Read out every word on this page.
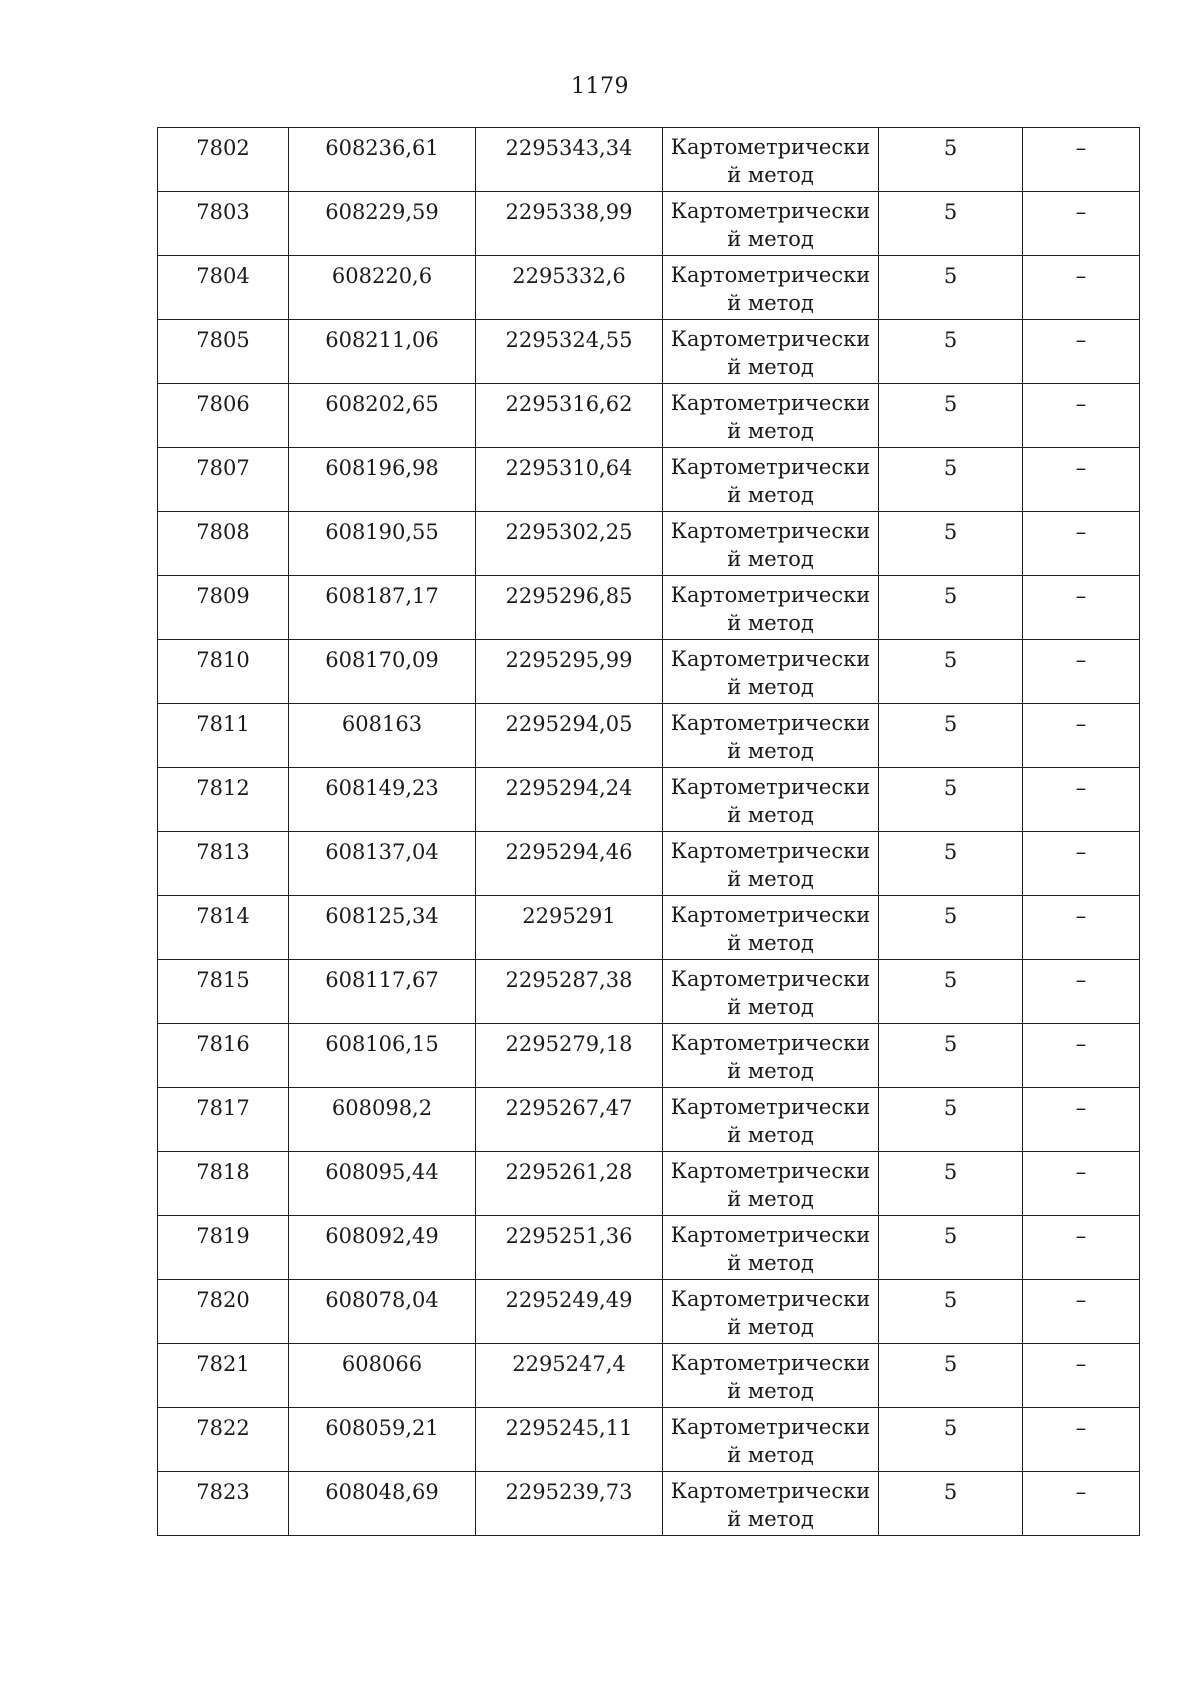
1179
7802	608236,61	2295343,34	Картометрически й метод	5	–

7803	608229,59	2295338,99	Картометрически й метод	5	–

7804	608220,6	2295332,6	Картометрически й метод	5	–

7805	608211,06	2295324,55	Картометрически й метод	5	–

7806	608202,65	2295316,62	Картометрически й метод	5	–

7807	608196,98	2295310,64	Картометрически й метод	5	–

7808	608190,55	2295302,25	Картометрически й метод	5	–

7809	608187,17	2295296,85	Картометрически й метод	5	–

7810	608170,09	2295295,99	Картометрически й метод	5	–

7811	608163	2295294,05	Картометрически й метод	5	–

7812	608149,23	2295294,24	Картометрически й метод	5	–

7813	608137,04	2295294,46	Картометрически й метод	5	–

7814	608125,34	2295291	Картометрически й метод	5	–

7815	608117,67	2295287,38	Картометрически й метод	5	–

7816	608106,15	2295279,18	Картометрически й метод	5	–

7817	608098,2	2295267,47	Картометрически й метод	5	–

7818	608095,44	2295261,28	Картометрически й метод	5	–

7819	608092,49	2295251,36	Картометрически й метод	5	–

7820	608078,04	2295249,49	Картометрически й метод	5	–

7821	608066	2295247,4	Картометрически й метод	5	–

7822	608059,21	2295245,11	Картометрически й метод	5	–

7823	608048,69	2295239,73	Картометрически й метод	5	–
